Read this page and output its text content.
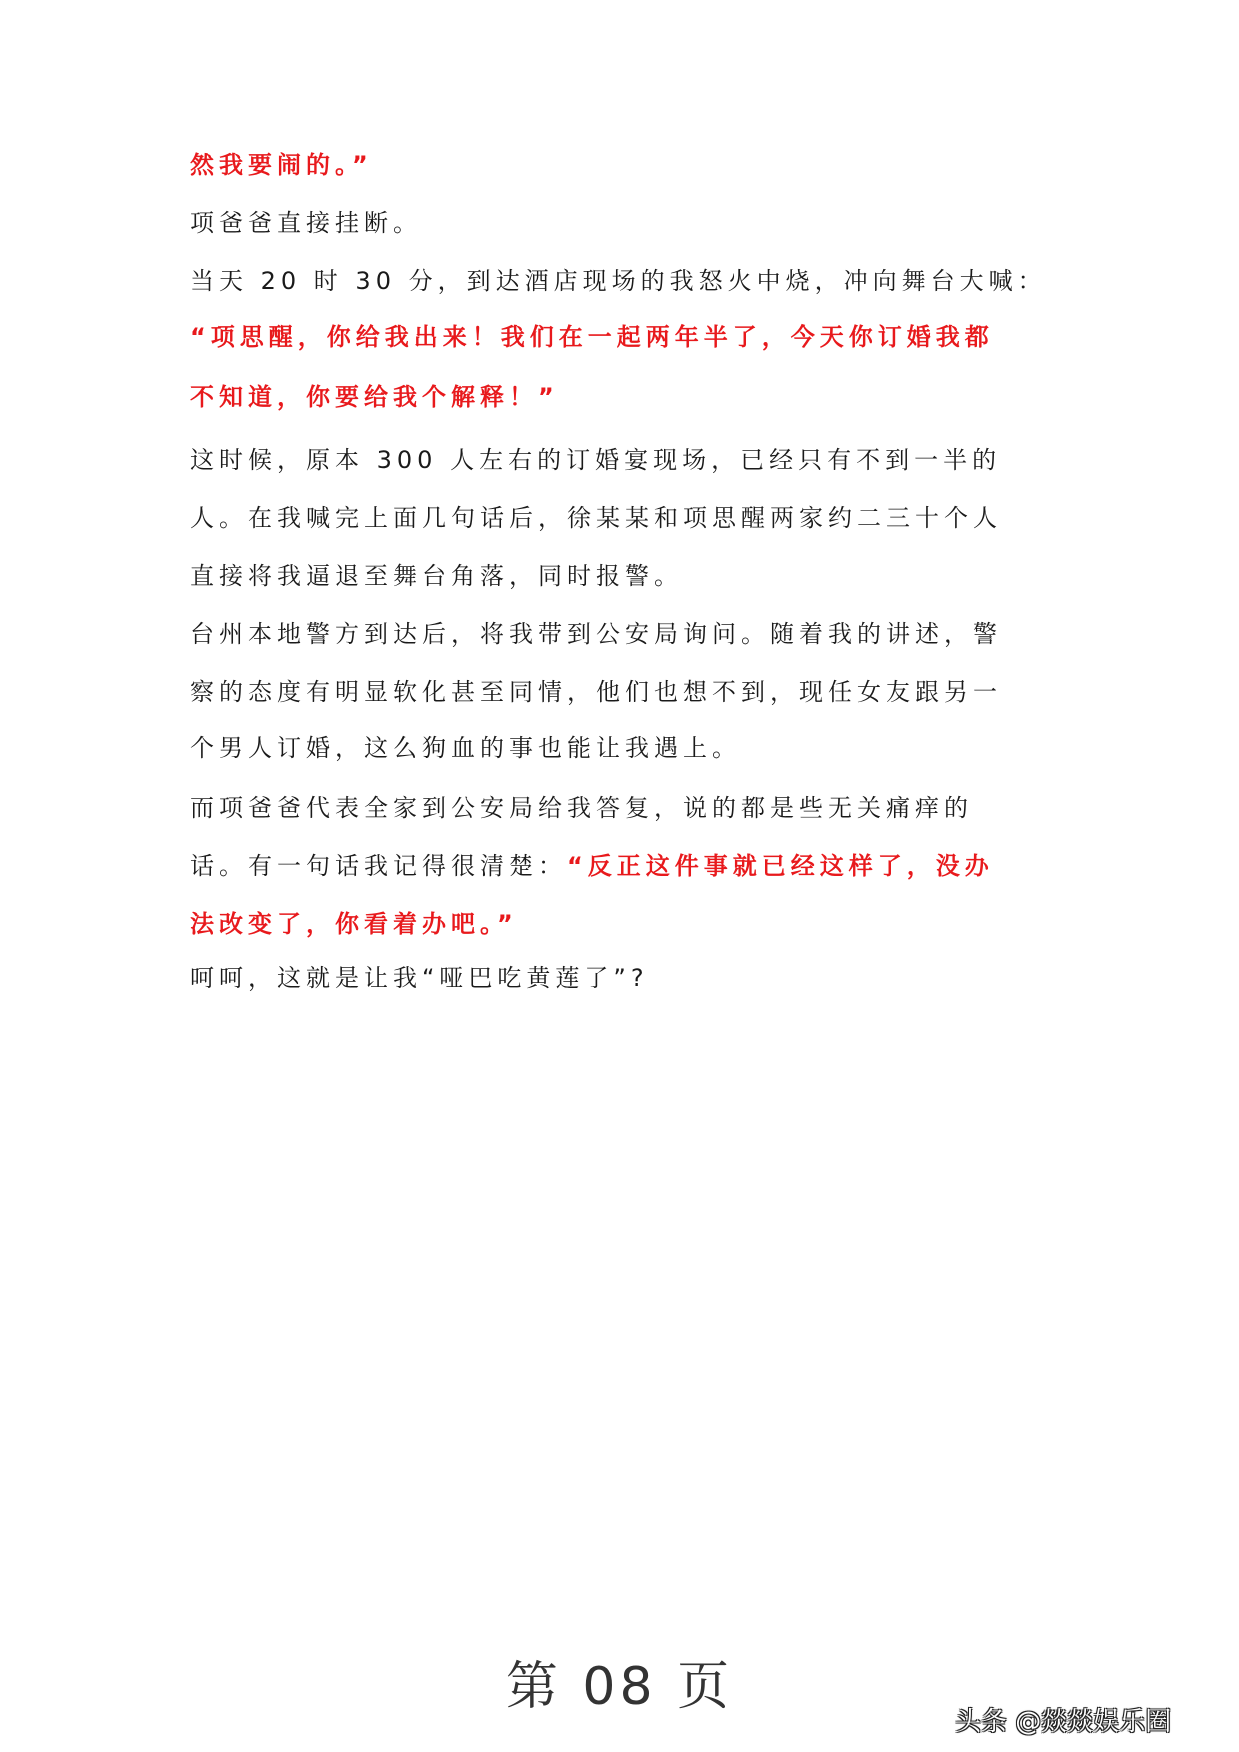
然我要闹的。”
项爸爸直接挂断。
当天 20 时 30 分，到达酒店现场的我怒火中烧，冲向舞台大喊：
“项思醒，你给我出来！我们在一起两年半了，今天你订婚我都
不知道，你要给我个解释！”
这时候，原本 300 人左右的订婚宴现场，已经只有不到一半的
人。在我喊完上面几句话后，徐某某和项思醒两家约二三十个人
直接将我逼退至舞台角落，同时报警。
台州本地警方到达后，将我带到公安局询问。随着我的讲述，警
察的态度有明显软化甚至同情，他们也想不到，现任女友跟另一
个男人订婚，这么狗血的事也能让我遇上。
而项爸爸代表全家到公安局给我答复，说的都是些无关痛痒的
话。有一句话我记得很清楚：“反正这件事就已经这样了，没办
法改变了，你看着办吧。”
呵呵，这就是让我“哑巴吃黄莲了”?
第 08 页
头条 @燚燚娱乐圈
